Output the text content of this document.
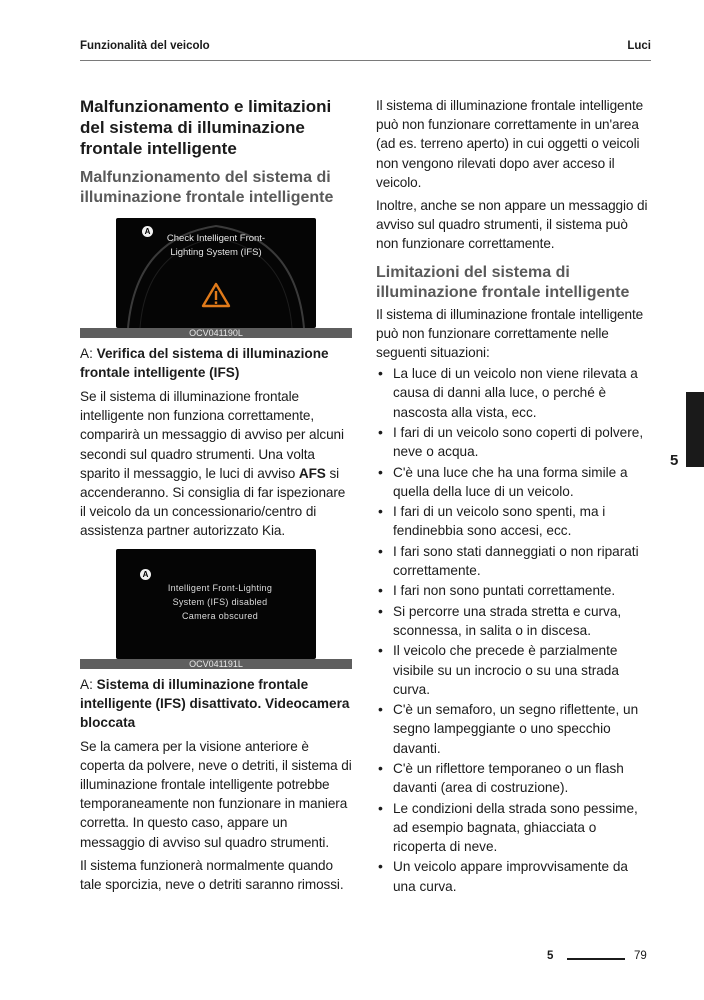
Funzionalità del veicolo	Luci
Malfunzionamento e limitazioni del sistema di illuminazione frontale intelligente
Malfunzionamento del sistema di illuminazione frontale intelligente
A
Check Intelligent Front-
Lighting System (IFS)
OCV041190L

A: Verifica del sistema di illuminazione frontale intelligente (IFS)

Se il sistema di illuminazione frontale intelligente non funziona correttamente, comparirà un messaggio di avviso per alcuni secondi sul quadro strumenti. Una volta sparito il messaggio, le luci di avviso AFS si accenderanno. Si consiglia di far ispezionare il veicolo da un concessionario/centro di assistenza partner autorizzato Kia.

A
Intelligent Front-Lighting
System (IFS) disabled
Camera obscured
OCV041191L

A: Sistema di illuminazione frontale intelligente (IFS) disattivato. Videocamera bloccata

Se la camera per la visione anteriore è coperta da polvere, neve o detriti, il sistema di illuminazione frontale intelligente potrebbe temporaneamente non funzionare in maniera corretta. In questo caso, appare un messaggio di avviso sul quadro strumenti.

Il sistema funzionerà normalmente quando tale sporcizia, neve o detriti saranno rimossi.

Il sistema di illuminazione frontale intelligente può non funzionare correttamente in un'area (ad es. terreno aperto) in cui oggetti o veicoli non vengono rilevati dopo aver acceso il veicolo.

Inoltre, anche se non appare un messaggio di avviso sul quadro strumenti, il sistema può non funzionare correttamente.

Limitazioni del sistema di illuminazione frontale intelligente

Il sistema di illuminazione frontale intelligente può non funzionare correttamente nelle seguenti situazioni:

• La luce di un veicolo non viene rilevata a causa di danni alla luce, o perché è nascosta alla vista, ecc.
• I fari di un veicolo sono coperti di polvere, neve o acqua.
• C'è una luce che ha una forma simile a quella della luce di un veicolo.
• I fari di un veicolo sono spenti, ma i fendinebbia sono accesi, ecc.
• I fari sono stati danneggiati o non riparati correttamente.
• I fari non sono puntati correttamente.
• Si percorre una strada stretta e curva, sconnessa, in salita o in discesa.
• Il veicolo che precede è parzialmente visibile su un incrocio o su una strada curva.
• C'è un semaforo, un segno riflettente, un segno lampeggiante o uno specchio davanti.
• C'è un riflettore temporaneo o un flash davanti (area di costruzione).
• Le condizioni della strada sono pessime, ad esempio bagnata, ghiacciata o ricoperta di neve.
• Un veicolo appare improvvisamente da una curva.
5
5	79
